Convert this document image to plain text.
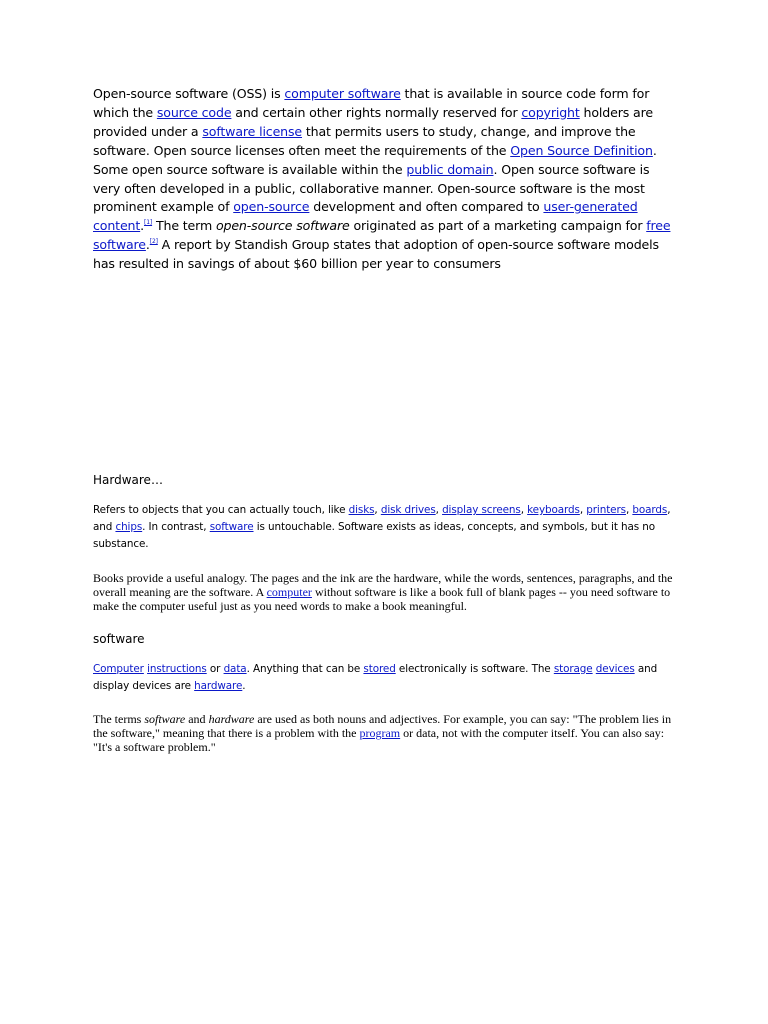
Open-source software (OSS) is computer software that is available in source code form for which the source code and certain other rights normally reserved for copyright holders are provided under a software license that permits users to study, change, and improve the software. Open source licenses often meet the requirements of the Open Source Definition. Some open source software is available within the public domain. Open source software is very often developed in a public, collaborative manner. Open-source software is the most prominent example of open-source development and often compared to user-generated content.[1] The term open-source software originated as part of a marketing campaign for free software.[2] A report by Standish Group states that adoption of open-source software models has resulted in savings of about $60 billion per year to consumers

Hardware…

Refers to objects that you can actually touch, like disks, disk drives, display screens, keyboards, printers, boards, and chips. In contrast, software is untouchable. Software exists as ideas, concepts, and symbols, but it has no substance.

Books provide a useful analogy. The pages and the ink are the hardware, while the words, sentences, paragraphs, and the overall meaning are the software. A computer without software is like a book full of blank pages -- you need software to make the computer useful just as you need words to make a book meaningful.

software

Computer instructions or data. Anything that can be stored electronically is software. The storage devices and display devices are hardware.

The terms software and hardware are used as both nouns and adjectives. For example, you can say: "The problem lies in the software," meaning that there is a problem with the program or data, not with the computer itself. You can also say: "It's a software problem."
